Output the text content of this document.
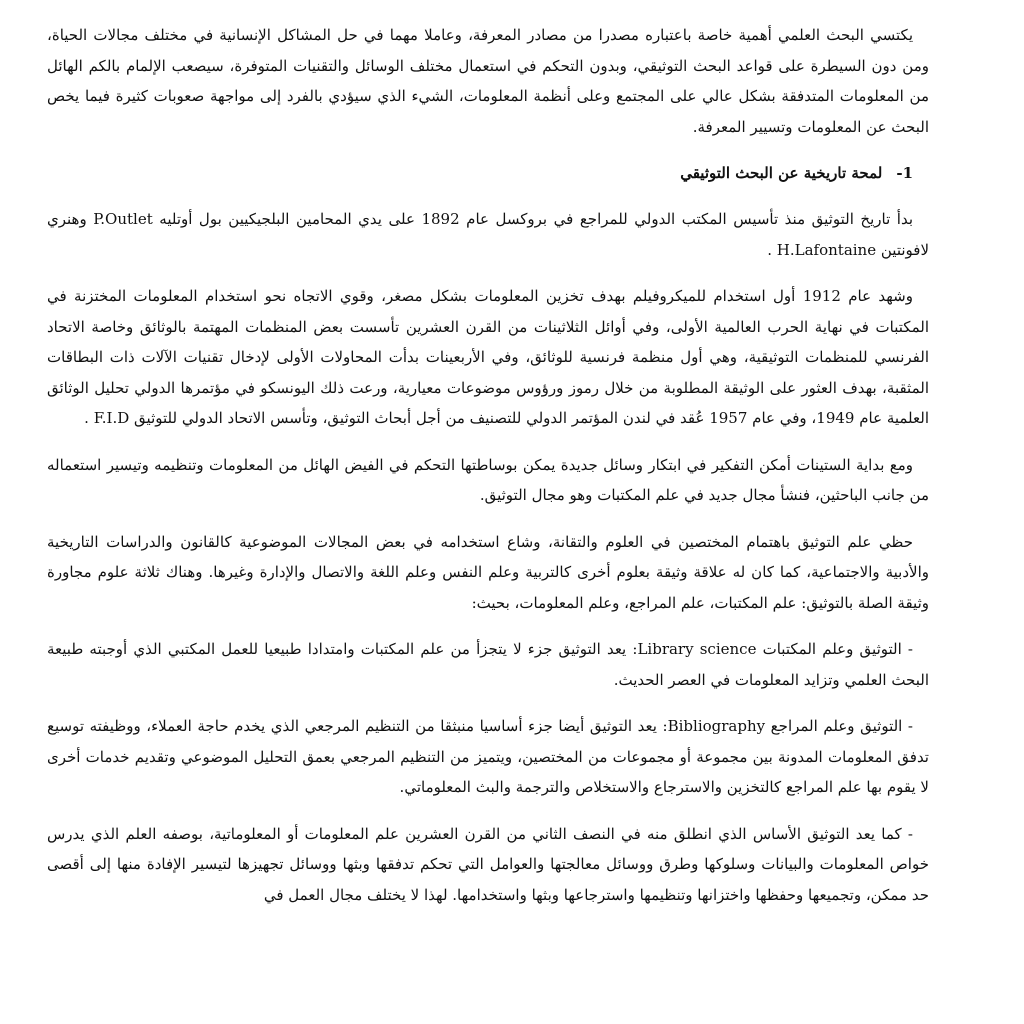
يكتسي البحث العلمي أهمية خاصة باعتباره مصدرا من مصادر المعرفة، وعاملا مهما في حل المشاكل الإنسانية في مختلف مجالات الحياة، ومن دون السيطرة على قواعد البحث التوثيقي، وبدون التحكم في استعمال مختلف الوسائل والتقنيات المتوفرة، سيصعب الإلمام بالكم الهائل من المعلومات المتدفقة بشكل عالي على المجتمع وعلى أنظمة المعلومات، الشيء الذي سيؤدي بالفرد إلى مواجهة صعوبات كثيرة فيما يخص البحث عن المعلومات وتسيير المعرفة.

1-لمحة تاريخية عن البحث التوثيقي

بدأ تاريخ التوثيق منذ تأسيس المكتب الدولي للمراجع في بروكسل عام 1892 على يدي المحامين البلجيكيين بول أوتليه P.Outlet وهنري لافونتين H.Lafontaine .

وشهد عام 1912 أول استخدام للميكروفيلم بهدف تخزين المعلومات بشكل مصغر، وقوي الاتجاه نحو استخدام المعلومات المختزنة في المكتبات في نهاية الحرب العالمية الأولى، وفي أوائل الثلاثينات من القرن العشرين تأسست بعض المنظمات المهتمة بالوثائق وخاصة الاتحاد الفرنسي للمنظمات التوثيقية، وهي أول منظمة فرنسية للوثائق، وفي الأربعينات بدأت المحاولات الأولى لإدخال تقنيات الآلات ذات البطاقات المثقبة، بهدف العثور على الوثيقة المطلوبة من خلال رموز ورؤوس موضوعات معيارية، ورعت ذلك اليونسكو في مؤتمرها الدولي تحليل الوثائق العلمية عام 1949، وفي عام 1957 عُقد في لندن المؤتمر الدولي للتصنيف من أجل أبحاث التوثيق، وتأسس الاتحاد الدولي للتوثيق F.I.D .

ومع بداية الستينات أمكن التفكير في ابتكار وسائل جديدة يمكن بوساطتها التحكم في الفيض الهائل من المعلومات وتنظيمه وتيسير استعماله من جانب الباحثين، فنشأ مجال جديد في علم المكتبات وهو مجال التوثيق.

حظي علم التوثيق باهتمام المختصين في العلوم والتقانة، وشاع استخدامه في بعض المجالات الموضوعية كالقانون والدراسات التاريخية والأدبية والاجتماعية، كما كان له علاقة وثيقة بعلوم أخرى كالتربية وعلم النفس وعلم اللغة والاتصال والإدارة وغيرها. وهناك ثلاثة علوم مجاورة وثيقة الصلة بالتوثيق: علم المكتبات، علم المراجع، وعلم المعلومات، بحيث:

- التوثيق وعلم المكتبات Library science: يعد التوثيق جزء لا يتجزأ من علم المكتبات وامتدادا طبيعيا للعمل المكتبي الذي أوجبته طبيعة البحث العلمي وتزايد المعلومات في العصر الحديث.

- التوثيق وعلم المراجع Bibliography: يعد التوثيق أيضا جزء أساسيا منبثقا من التنظيم المرجعي الذي يخدم حاجة العملاء، ووظيفته توسيع تدفق المعلومات المدونة بين مجموعة أو مجموعات من المختصين، ويتميز من التنظيم المرجعي بعمق التحليل الموضوعي وتقديم خدمات أخرى لا يقوم بها علم المراجع كالتخزين والاسترجاع والاستخلاص والترجمة والبث المعلوماتي.

- كما يعد التوثيق الأساس الذي انطلق منه في النصف الثاني من القرن العشرين علم المعلومات أو المعلوماتية، بوصفه العلم الذي يدرس خواص المعلومات والبيانات وسلوكها وطرق ووسائل معالجتها والعوامل التي تحكم تدفقها وبثها ووسائل تجهيزها لتيسير الإفادة منها إلى أقصى حد ممكن، وتجميعها وحفظها واختزانها وتنظيمها واسترجاعها وبثها واستخدامها. لهذا لا يختلف مجال العمل في
